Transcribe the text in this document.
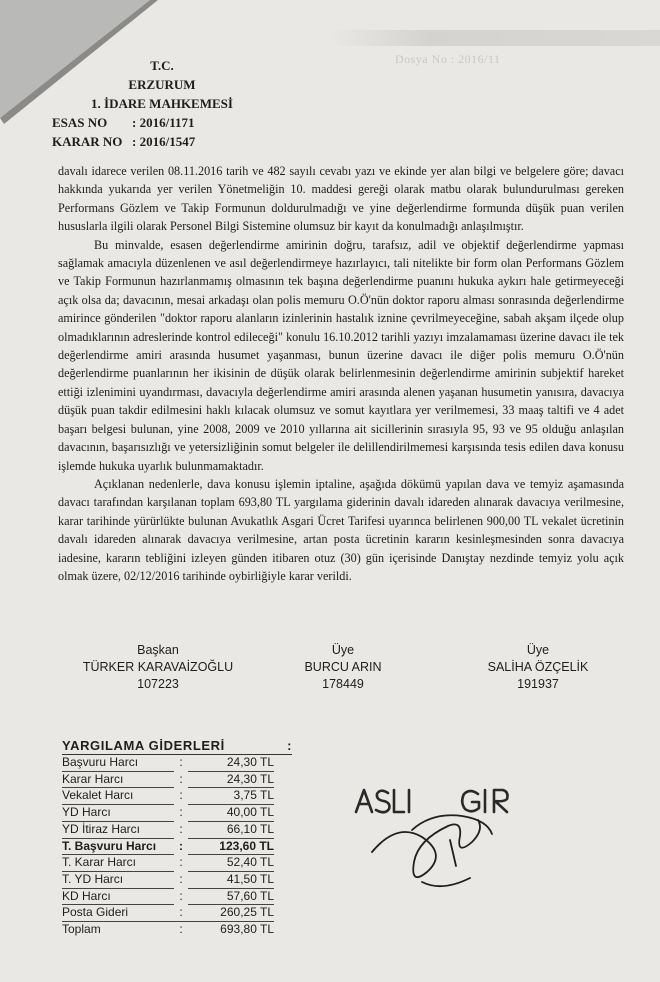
Dosya No : 2016/11
T.C.
ERZURUM
1. İDARE MAHKEMESİ
ESAS NO	: 2016/1171
KARAR NO : 2016/1547

davalı idarece verilen 08.11.2016 tarih ve 482 sayılı cevabı yazı ve ekinde yer alan bilgi ve belgelere göre; davacı hakkında yukarıda yer verilen Yönetmeliğin 10. maddesi gereği olarak matbu olarak bulundurulması gereken Performans Gözlem ve Takip Formunun doldurulmadığı ve yine değerlendirme formunda düşük puan verilen hususlarla ilgili olarak Personel Bilgi Sistemine olumsuz bir kayıt da konulmadığı anlaşılmıştır.

Bu minvalde, esasen değerlendirme amirinin doğru, tarafsız, adil ve objektif değerlendirme yapması sağlamak amacıyla düzenlenen ve asıl değerlendirmeye hazırlayıcı, tali nitelikte bir form olan Performans Gözlem ve Takip Formunun hazırlanmamış olmasının tek başına değerlendirme puanını hukuka aykırı hale getirmeyeceği açık olsa da; davacının, mesai arkadaşı olan polis memuru O.Ö'nün doktor raporu alması sonrasında değerlendirme amirince gönderilen "doktor raporu alanların izinlerinin hastalık iznine çevrilmeyeceğine, sabah akşam ilçede olup olmadıklarının adreslerinde kontrol edileceği" konulu 16.10.2012 tarihli yazıyı imzalamaması üzerine davacı ile tek değerlendirme amiri arasında husumet yaşanması, bunun üzerine davacı ile diğer polis memuru O.Ö'nün değerlendirme puanlarının her ikisinin de düşük olarak belirlenmesinin değerlendirme amirinin subjektif hareket ettiği izlenimini uyandırması, davacıyla değerlendirme amiri arasında alenen yaşanan husumetin yanısıra, davacıya düşük puan takdir edilmesini haklı kılacak olumsuz ve somut kayıtlara yer verilmemesi, 33 maaş taltifi ve 4 adet başarı belgesi bulunan, yine 2008, 2009 ve 2010 yıllarına ait sicillerinin sırasıyla 95, 93 ve 95 olduğu anlaşılan davacının, başarısızlığı ve yetersizliğinin somut belgeler ile delillendirilmemesi karşısında tesis edilen dava konusu işlemde hukuka uyarlık bulunmamaktadır.

Açıklanan nedenlerle, dava konusu işlemin iptaline, aşağıda dökümü yapılan dava ve temyiz aşamasında davacı tarafından karşılanan toplam 693,80 TL yargılama giderinin davalı idareden alınarak davacıya verilmesine, karar tarihinde yürürlükte bulunan Avukatlık Asgari Ücret Tarifesi uyarınca belirlenen 900,00 TL vekalet ücretinin davalı idareden alınarak davacıya verilmesine, artan posta ücretinin kararın kesinleşmesinden sonra davacıya iadesine, kararın tebliğini izleyen günden itibaren otuz (30) gün içerisinde Danıştay nezdinde temyiz yolu açık olmak üzere, 02/12/2016 tarihinde oybirliğiyle karar verildi.

Başkan
TÜRKER KARAVAİZOĞLU
107223
Üye
BURCU ARIN
178449
Üye
SALİHA ÖZÇELİK
191937
YARGILAMA GİDERLERİ	:
Başvuru Harcı	:	24,30 TL
Karar Harcı	:	24,30 TL
Vekalet Harcı	:	3,75 TL
YD Harcı	:	40,00 TL
YD İtiraz Harcı	:	66,10 TL
T. Başvuru Harcı	:	123,60 TL
T. Karar Harcı	:	52,40 TL
T. YD Harcı	:	41,50 TL
KD Harcı	:	57,60 TL
Posta Gideri	:	260,25 TL
Toplam	:	693,80 TL
